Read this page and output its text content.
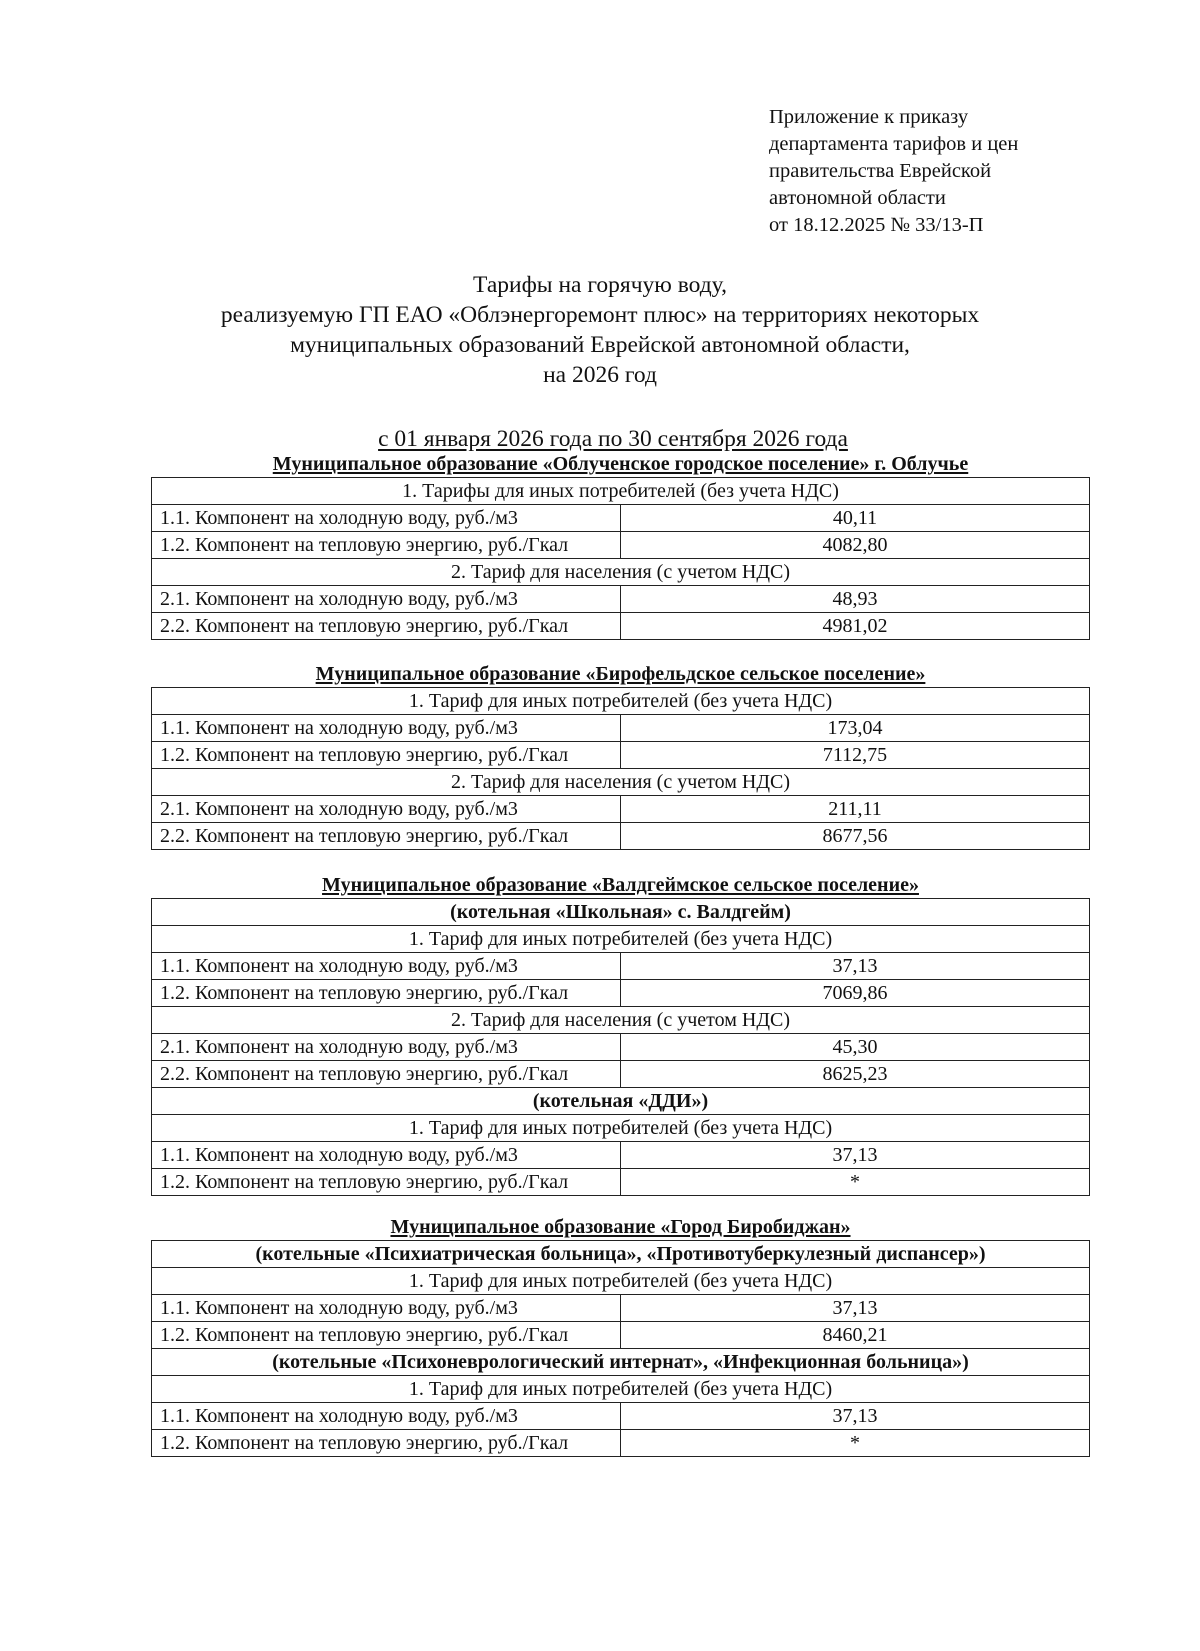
Приложение к приказу
департамента тарифов и цен
правительства Еврейской
автономной области
от 18.12.2025 № 33/13-П
Тарифы на горячую воду,
реализуемую ГП ЕАО «Облэнергоремонт плюс» на территориях некоторых
муниципальных образований Еврейской автономной области,
на 2026 год
с 01 января 2026 года по 30 сентября 2026 года
Муниципальное образование «Облученское городское поселение» г. Облучье
1. Тарифы для иных потребителей (без учета НДС)	
1.1. Компонент на холодную воду, руб./м3	40,11
1.2. Компонент на тепловую энергию, руб./Гкал	4082,80
2. Тариф для населения (с учетом НДС)	
2.1. Компонент на холодную воду, руб./м3	48,93
2.2. Компонент на тепловую энергию, руб./Гкал	4981,02
Муниципальное образование «Бирофельдское сельское поселение»
1. Тариф для иных потребителей (без учета НДС)	
1.1. Компонент на холодную воду, руб./м3	173,04
1.2. Компонент на тепловую энергию, руб./Гкал	7112,75
2. Тариф для населения (с учетом НДС)	
2.1. Компонент на холодную воду, руб./м3	211,11
2.2. Компонент на тепловую энергию, руб./Гкал	8677,56
Муниципальное образование «Валдгеймское сельское поселение»
(котельная «Школьная» с. Валдгейм)	
1. Тариф для иных потребителей (без учета НДС)	
1.1. Компонент на холодную воду, руб./м3	37,13
1.2. Компонент на тепловую энергию, руб./Гкал	7069,86
2. Тариф для населения (с учетом НДС)	
2.1. Компонент на холодную воду, руб./м3	45,30
2.2. Компонент на тепловую энергию, руб./Гкал	8625,23
(котельная «ДДИ»)	
1. Тариф для иных потребителей (без учета НДС)	
1.1. Компонент на холодную воду, руб./м3	37,13
1.2. Компонент на тепловую энергию, руб./Гкал	*
Муниципальное образование «Город Биробиджан»
(котельные «Психиатрическая больница», «Противотуберкулезный диспансер»)	
1. Тариф для иных потребителей (без учета НДС)	
1.1. Компонент на холодную воду, руб./м3	37,13
1.2. Компонент на тепловую энергию, руб./Гкал	8460,21
(котельные «Психоневрологический интернат», «Инфекционная больница»)	
1. Тариф для иных потребителей (без учета НДС)	
1.1. Компонент на холодную воду, руб./м3	37,13
1.2. Компонент на тепловую энергию, руб./Гкал	*
